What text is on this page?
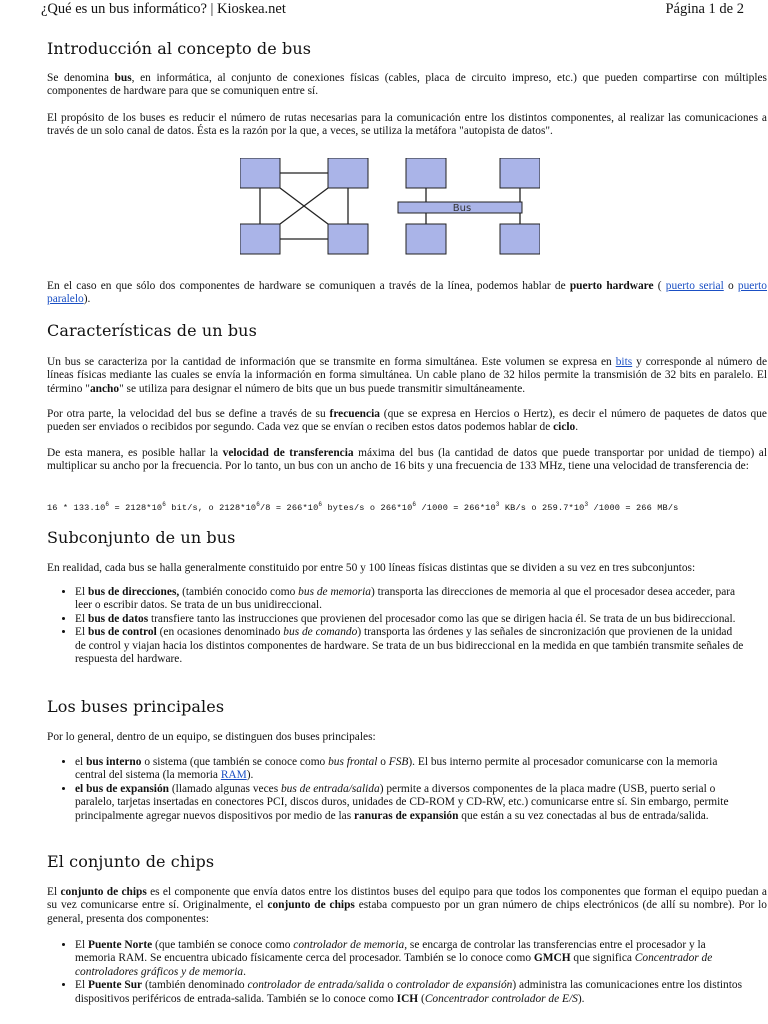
¿Qué es un bus informático? | Kioskea.net	Página 1 de 2
Introducción al concepto de bus

Se denomina bus, en informática, al conjunto de conexiones físicas (cables, placa de circuito impreso, etc.) que pueden compartirse con múltiples componentes de hardware para que se comuniquen entre sí.

El propósito de los buses es reducir el número de rutas necesarias para la comunicación entre los distintos componentes, al realizar las comunicaciones a través de un solo canal de datos. Ésta es la razón por la que, a veces, se utiliza la metáfora "autopista de datos".

Bus

En el caso en que sólo dos componentes de hardware se comuniquen a través de la línea, podemos hablar de puerto hardware ( puerto serial o puerto paralelo).

Características de un bus

Un bus se caracteriza por la cantidad de información que se transmite en forma simultánea. Este volumen se expresa en bits y corresponde al número de líneas físicas mediante las cuales se envía la información en forma simultánea. Un cable plano de 32 hilos permite la transmisión de 32 bits en paralelo. El término "ancho" se utiliza para designar el número de bits que un bus puede transmitir simultáneamente.

Por otra parte, la velocidad del bus se define a través de su frecuencia (que se expresa en Hercios o Hertz), es decir el número de paquetes de datos que pueden ser enviados o recibidos por segundo. Cada vez que se envían o reciben estos datos podemos hablar de ciclo.

De esta manera, es posible hallar la velocidad de transferencia máxima del bus (la cantidad de datos que puede transportar por unidad de tiempo) al multiplicar su ancho por la frecuencia. Por lo tanto, un bus con un ancho de 16 bits y una frecuencia de 133 MHz, tiene una velocidad de transferencia de:

$16 * 133.10^6 = 2128*10^6$ bit/s, o $2128*10^6/8 = 266*10^6$ bytes/s o $266*10^6$ $/1000 = 266*10^3$ KB/s o $259.7*10^3$ /1000 = 266 MB/s
Subconjunto de un bus

En realidad, cada bus se halla generalmente constituido por entre 50 y 100 líneas físicas distintas que se dividen a su vez en tres subconjuntos:

• El bus de direcciones, (también conocido como bus de memoria) transporta las direcciones de memoria al que el procesador desea acceder, para leer o escribir datos. Se trata de un bus unidireccional.
• El bus de datos transfiere tanto las instrucciones que provienen del procesador como las que se dirigen hacia él. Se trata de un bus bidireccional.
• El bus de control (en ocasiones denominado bus de comando) transporta las órdenes y las señales de sincronización que provienen de la unidad de control y viajan hacia los distintos componentes de hardware. Se trata de un bus bidireccional en la medida en que también transmite señales de respuesta del hardware.
Los buses principales

Por lo general, dentro de un equipo, se distinguen dos buses principales:

• el bus interno o sistema (que también se conoce como bus frontal o FSB). El bus interno permite al procesador comunicarse con la memoria central del sistema (la memoria RAM).
• el bus de expansión (llamado algunas veces bus de entrada/salida) permite a diversos componentes de la placa madre (USB, puerto serial o paralelo, tarjetas insertadas en conectores PCI, discos duros, unidades de CD-ROM y CD-RW, etc.) comunicarse entre sí. Sin embargo, permite principalmente agregar nuevos dispositivos por medio de las ranuras de expansión que están a su vez conectadas al bus de entrada/salida.
El conjunto de chips

El conjunto de chips es el componente que envía datos entre los distintos buses del equipo para que todos los componentes que forman el equipo puedan a su vez comunicarse entre sí. Originalmente, el conjunto de chips estaba compuesto por un gran número de chips electrónicos (de allí su nombre). Por lo general, presenta dos componentes:

• El Puente Norte (que también se conoce como controlador de memoria, se encarga de controlar las transferencias entre el procesador y la memoria RAM. Se encuentra ubicado físicamente cerca del procesador. También se lo conoce como GMCH que significa Concentrador de controladores gráficos y de memoria.
• El Puente Sur (también denominado controlador de entrada/salida o controlador de expansión) administra las comunicaciones entre los distintos dispositivos periféricos de entrada-salida. También se lo conoce como ICH (Concentrador controlador de E/S).
